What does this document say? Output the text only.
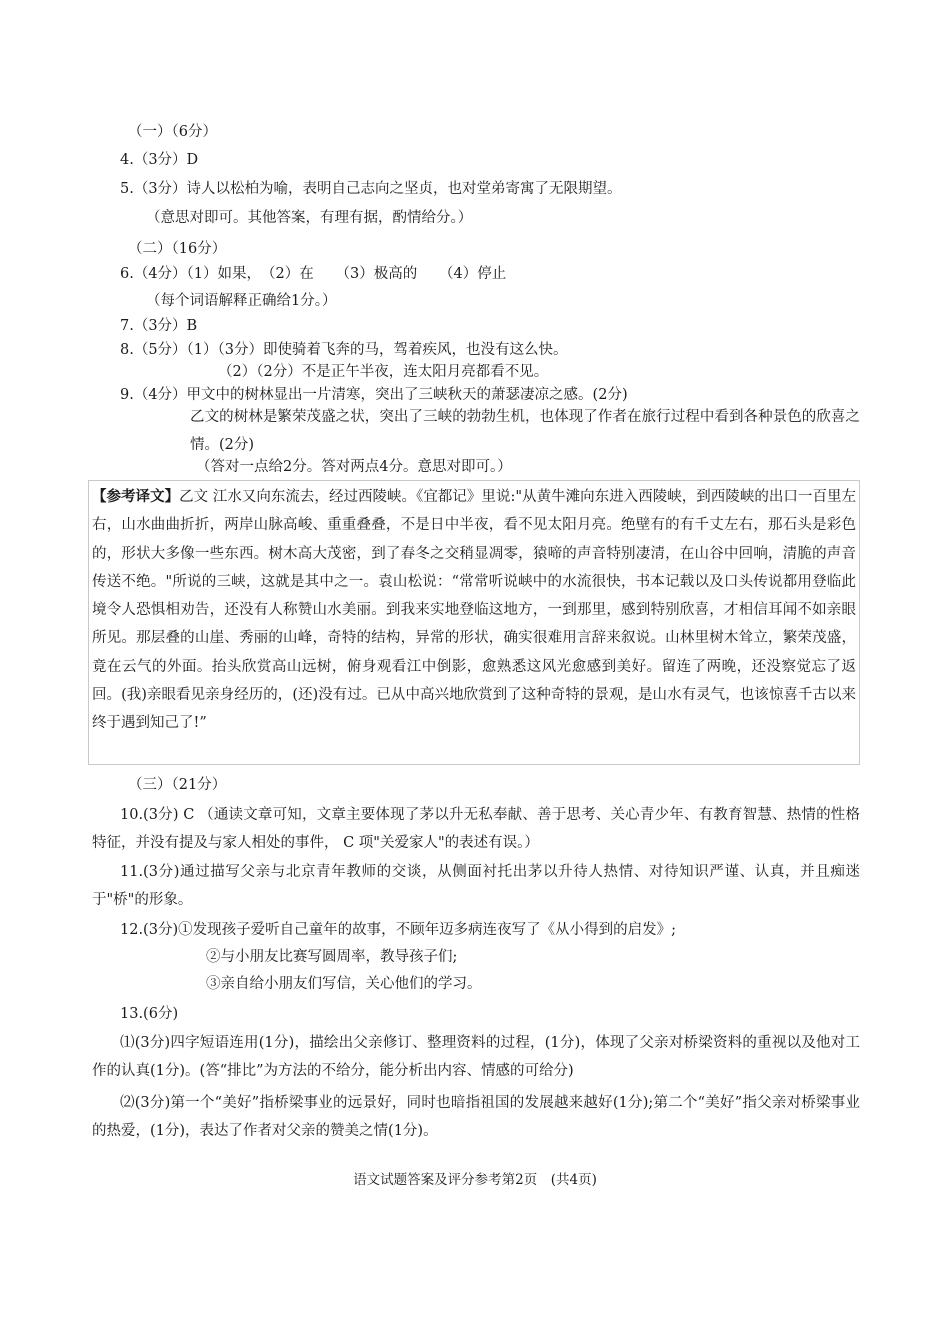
（一）（6分）
4.（3分）D
5.（3分）诗人以松柏为喻，表明自己志向之坚贞，也对堂弟寄寓了无限期望。
（意思对即可。其他答案，有理有据，酌情给分。）
（二）（16分）
6.（4分）（1）如果，　（2）在　　（3）极高的　　（4）停止
（每个词语解释正确给1分。）
7.（3分）B
8.（5分）（1）（3分）即使骑着飞奔的马，驾着疾风，也没有这么快。
（2）（2分）不是正午半夜，连太阳月亮都看不见。
9.（4分）甲文中的树林显出一片清寒，突出了三峡秋天的萧瑟凄凉之感。(2分)
乙文的树林是繁荣茂盛之状，突出了三峡的勃勃生机，也体现了作者在旅行过程中看到各种景色的欣喜之情。(2分)
（答对一点给2分。答对两点4分。意思对即可。）
【参考译文】乙文 江水又向东流去，经过西陵峡。《宜都记》里说:"从黄牛滩向东进入西陵峡，到西陵峡的出口一百里左右，山水曲曲折折，两岸山脉高峻、重重叠叠，不是日中半夜，看不见太阳月亮。绝壁有的有千丈左右，那石头是彩色的，形状大多像一些东西。树木高大茂密，到了春冬之交稍显凋零，猿啼的声音特别凄清，在山谷中回响，清脆的声音传送不绝。"所说的三峡，这就是其中之一。袁山松说：“常常听说峡中的水流很快，书本记载以及口头传说都用登临此境令人恐惧相劝告，还没有人称赞山水美丽。到我来实地登临这地方，一到那里，感到特别欣喜，才相信耳闻不如亲眼所见。那层叠的山崖、秀丽的山峰，奇特的结构，异常的形状，确实很难用言辞来叙说。山林里树木耸立，繁荣茂盛，竟在云气的外面。抬头欣赏高山远树，俯身观看江中倒影，愈熟悉这风光愈感到美好。留连了两晚，还没察觉忘了返回。(我)亲眼看见亲身经历的，(还)没有过。已从中高兴地欣赏到了这种奇特的景观，是山水有灵气，也该惊喜千古以来终于遇到知己了!”
（三）（21分）
10.(3分) C （通读文章可知，文章主要体现了茅以升无私奉献、善于思考、关心青少年、有教育智慧、热情的性格特征，并没有提及与家人相处的事件， C 项"关爱家人"的表述有误。）
11.(3分)通过描写父亲与北京青年教师的交谈，从侧面衬托出茅以升待人热情、对待知识严谨、认真，并且痴迷于"桥"的形象。
12.(3分)①发现孩子爱听自己童年的故事，不顾年迈多病连夜写了《从小得到的启发》;
②与小朋友比赛写圆周率，教导孩子们;
③亲自给小朋友们写信，关心他们的学习。
13.(6分)
⑴(3分)四字短语连用(1分)，描绘出父亲修订、整理资料的过程，(1分)，体现了父亲对桥梁资料的重视以及他对工作的认真(1分)。(答“排比”为方法的不给分，能分析出内容、情感的可给分)
⑵(3分)第一个“美好”指桥梁事业的远景好，同时也暗指祖国的发展越来越好(1分);第二个“美好”指父亲对桥梁事业的热爱，(1分)，表达了作者对父亲的赞美之情(1分)。
语文试题答案及评分参考第2页　(共4页)
